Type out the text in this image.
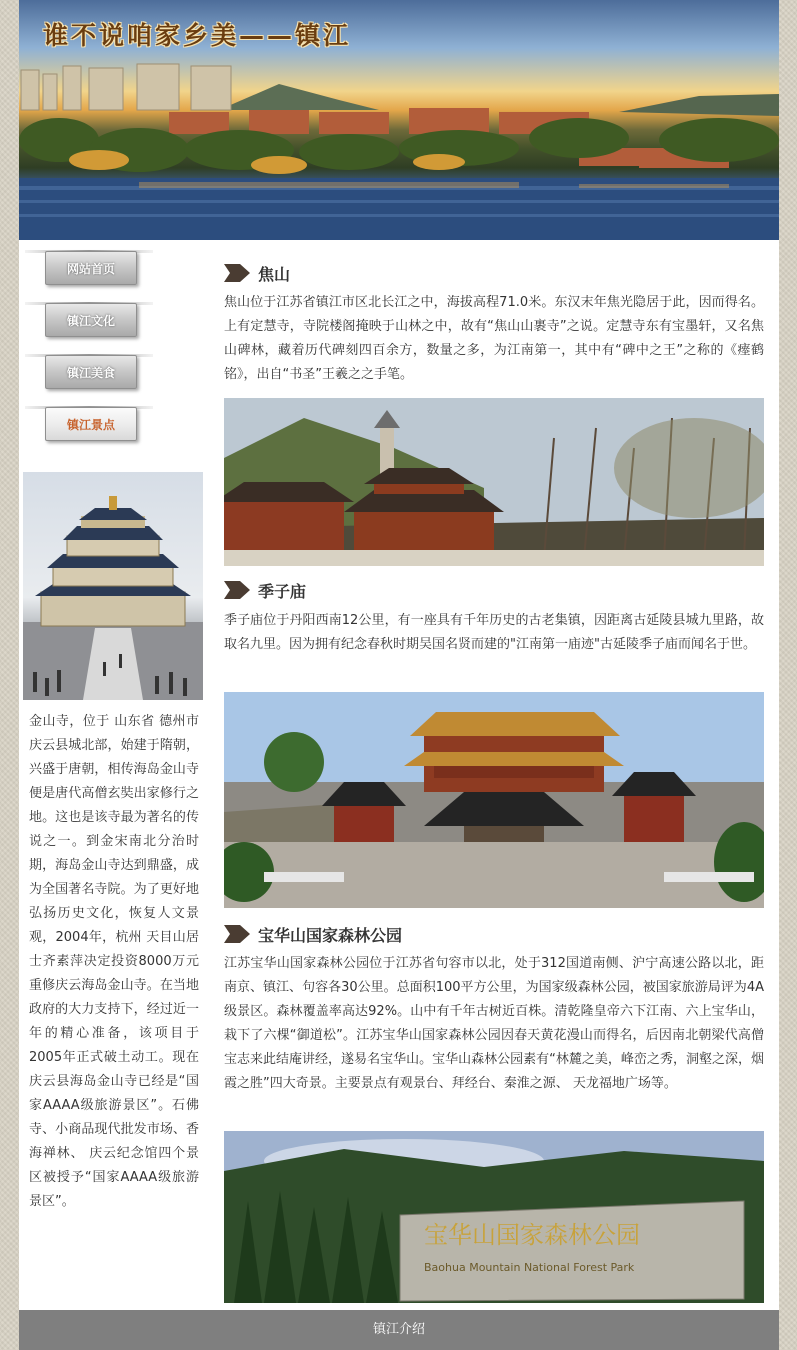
谁不说咱家乡美——镇江
网站首页
镇江文化
镇江美食
镇江景点
金山寺，位于 山东省 德州市 庆云县城北部，始建于隋朝，兴盛于唐朝，相传海岛金山寺便是唐代高僧玄奘出家修行之地。这也是该寺最为著名的传说之一。到金宋南北分治时期，海岛金山寺达到鼎盛，成为全国著名寺院。为了更好地弘扬历史文化，恢复人文景观，2004年，杭州 天目山居士齐素萍决定投资8000万元重修庆云海岛金山寺。在当地政府的大力支持下，经过近一年的精心准备，该项目于2005年正式破土动工。现在 庆云县海岛金山寺已经是“国家AAAA级旅游景区”。石佛寺、小商品现代批发市场、香海禅林、 庆云纪念馆四个景区被授予“国家AAAA级旅游景区”。
焦山
焦山位于江苏省镇江市区北长江之中，海拔高程71.0米。东汉末年焦光隐居于此，因而得名。上有定慧寺，寺院楼阁掩映于山林之中，故有“焦山山裹寺”之说。定慧寺东有宝墨轩，又名焦山碑林，藏着历代碑刻四百余方，数量之多，为江南第一，其中有“碑中之王”之称的《瘗鹤铭》，出自“书圣”王羲之之手笔。
季子庙
季子庙位于丹阳西南12公里，有一座具有千年历史的古老集镇，因距离古延陵县城九里路，故取名九里。因为拥有纪念春秋时期吴国名贤而建的"江南第一庙迹"古延陵季子庙而闻名于世。
宝华山国家森林公园
江苏宝华山国家森林公园位于江苏省句容市以北，处于312国道南侧、沪宁高速公路以北，距南京、镇江、句容各30公里。总面积100平方公里，为国家级森林公园，被国家旅游局评为4A级景区。森林覆盖率高达92%。山中有千年古树近百株。清乾隆皇帝六下江南、六上宝华山，栽下了六棵“御道松”。江苏宝华山国家森林公园因春天黄花漫山而得名，后因南北朝梁代高僧宝志来此结庵讲经，遂易名宝华山。宝华山森林公园素有“林麓之美，峰峦之秀，洞壑之深，烟霞之胜”四大奇景。主要景点有观景台、拜经台、秦淮之源、 天龙福地广场等。
宝华山国家森林公园
Baohua Mountain National Forest Park
镇江介绍
